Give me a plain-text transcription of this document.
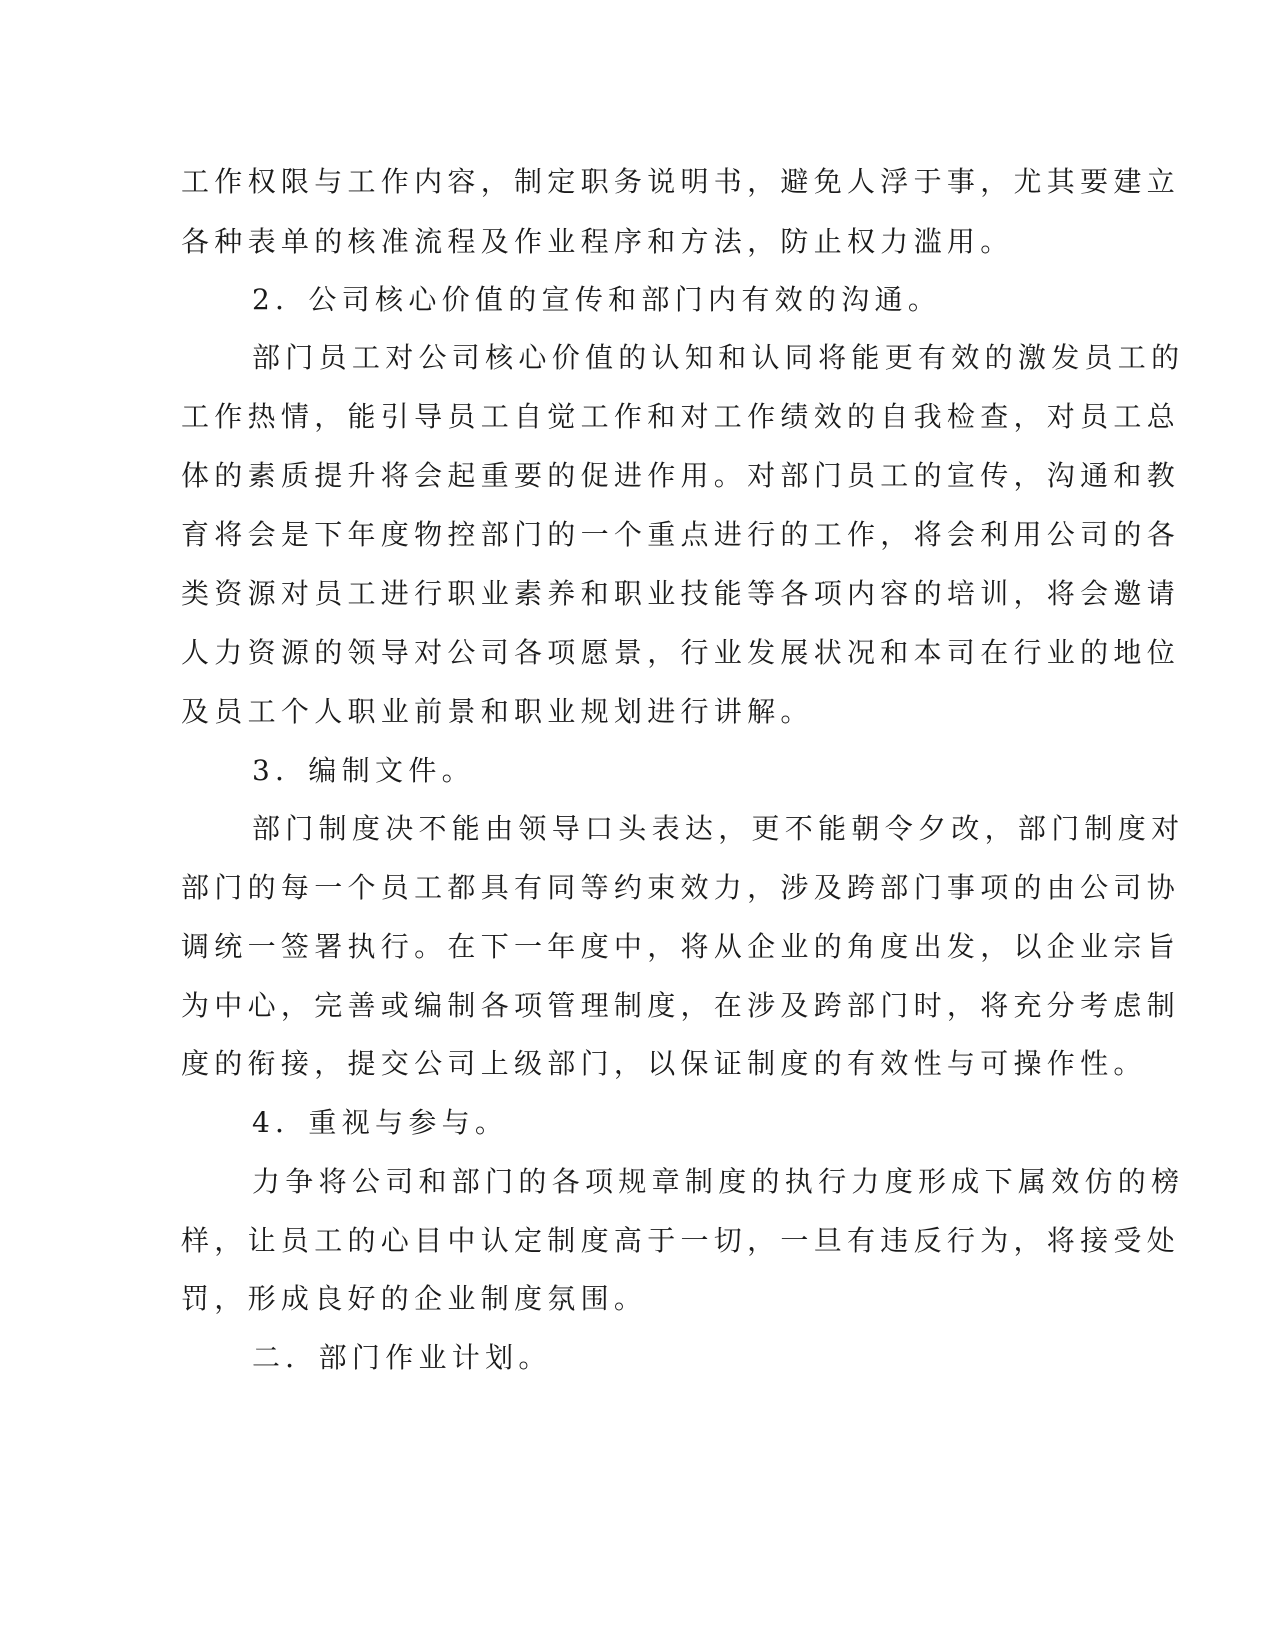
工作权限与工作内容，制定职务说明书，避免人浮于事，尤其要建立
各种表单的核准流程及作业程序和方法，防止权力滥用。
2．公司核心价值的宣传和部门内有效的沟通。
部门员工对公司核心价值的认知和认同将能更有效的激发员工的
工作热情，能引导员工自觉工作和对工作绩效的自我检查，对员工总
体的素质提升将会起重要的促进作用。对部门员工的宣传，沟通和教
育将会是下年度物控部门的一个重点进行的工作，将会利用公司的各
类资源对员工进行职业素养和职业技能等各项内容的培训，将会邀请
人力资源的领导对公司各项愿景，行业发展状况和本司在行业的地位
及员工个人职业前景和职业规划进行讲解。
3．编制文件。
部门制度决不能由领导口头表达，更不能朝令夕改，部门制度对
部门的每一个员工都具有同等约束效力，涉及跨部门事项的由公司协
调统一签署执行。在下一年度中，将从企业的角度出发，以企业宗旨
为中心，完善或编制各项管理制度，在涉及跨部门时，将充分考虑制
度的衔接，提交公司上级部门，以保证制度的有效性与可操作性。
4．重视与参与。
力争将公司和部门的各项规章制度的执行力度形成下属效仿的榜
样，让员工的心目中认定制度高于一切，一旦有违反行为，将接受处
罚，形成良好的企业制度氛围。
二．部门作业计划。
